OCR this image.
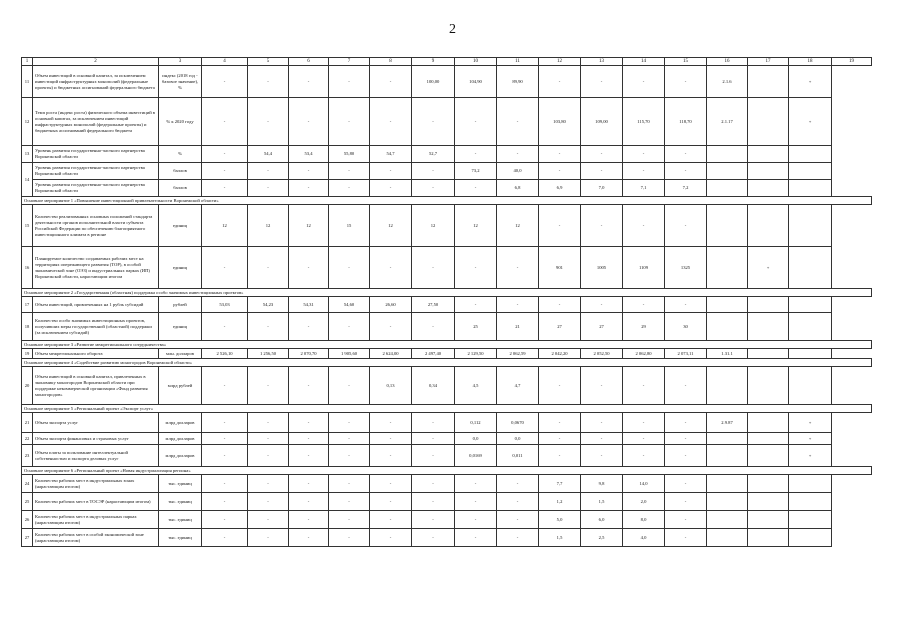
2
1	2	3	4	5	6	7	8	9	10	11	12	13	14	15	16	17	18	19
11	Объем инвестиций в основной капитал, за исключением инвестиций инфраструктурных монополий (федеральные проекты) и бюджетных ассигнований федерального бюджета	индекс (2018 год - базовое значение), %	-	-	-	-	-	100,00	104,90	89,90	-	-	-	-	2.1.6		+	
12	Темп роста (индекс роста) физического объема инвестиций в основной капитал, за исключением инвестиций инфраструктурных монополий (федеральные проекты) и бюджетных ассигнований федерального бюджета	% к 2020 году	-	-	-	-	-	-	-	-	103,80	109,00	115,70	118,70	2.1.17		+	
13	Уровень развития государственно-частного партнерства Воронежской области	%	-	54,4	53,4	55,80	54,7	52,7	-	-	-	-	-	-				
14	Уровень развития государственно-частного партнерства Воронежской области	баллов	-	-	-	-	-	-	73,2	40,0	-	-	-	-				
	Уровень развития государственно-частного партнерства Воронежской области	баллов	-	-	-	-	-	-	-	6,8	6,9	7,0	7,1	7,2				
Основное мероприятие 1 «Повышение инвестиционной привлекательности Воронежской области»																		
15	Количество реализованных основных положений стандарта деятельности органов исполнительной власти субъекта Российской Федерации по обеспечению благоприятного инвестиционного климата в регионе	единиц	12	12	12	15	12	12	12	12	-	-	-	-				
16	Планируемое количество создаваемых рабочих мест на территориях опережающего развития (ТОР), в особой экономической зоне (ОЭЗ) и индустриальных парках (ИП) Воронежской области, нарастающим итогом	единиц	-	-	-	-	-	-	-	-	901	1005	1109	1325		+		
Основное мероприятие 2 «Государственная (областная) поддержка особо значимых инвестиционных проектов»																		
17	Объем инвестиций, привлеченных на 1 рубль субсидий	рублей	53,03	54,23	54,31	54,60	26,60	27,50	-	-	-	-	-	-				
18	Количество особо значимых инвестиционных проектов, получивших меры государственной (областной) поддержки (за исключением субсидий)	единиц	-	-	-	-	-	-	25	21	27	27	29	30				
Основное мероприятие 3 «Развитие межрегионального сотрудничества»																		
19	Объем межрегионального оборота	млн. долларов	2 526,10	1 256,50	2 070,70	1 905,60	2 624,00	2 497,40	2 129,50	2 062,59	2 042,20	2 052,50	2 062,80	2 073,11	1.31.1			
Основное мероприятие 4 «Содействие развитию моногородов Воронежской области»																		
20	Объем инвестиций в основной капитал, привлеченных в экономику моногородов Воронежской области при поддержке некоммерческой организации «Фонд развития моногородов»	млрд рублей	-	-	-	-	0,13	0,34	4,5	4,7	-	-	-	-				
Основное мероприятие 5 «Региональный проект «Экспорт услуг»																		
21	Объем экспорта услуг	млрд долларов	-	-	-	-	-	-	0,112	0,0670	-	-	-	-	2.9.87		+	
22	Объем экспорта финансовых и страховых услуг	млрд долларов	-	-	-	-	-	-	0,0	0,0	-	-	-	-			+	
23	Объем платы за пользование интеллектуальной собственностью и экспорта деловых услуг	млрд долларов	-	-	-	-	-	-	0,0169	0,011	-	-	-	-			+	
Основное мероприятие 6 «Региональный проект «Новая индустриализация региона»																		
24	Количество рабочих мест в индустриальных зонах (нарастающим итогом)	тыс. единиц	-	-	-	-	-	-	-	-	7,7	9,8	14,0	-				
25	Количество рабочих мест в ТОСЭР (нарастающим итогом)	тыс. единиц	-	-	-	-	-	-	-	-	1,2	1,5	2,0	-				
26	Количество рабочих мест в индустриальных парках (нарастающим итогом)	тыс. единиц	-	-	-	-	-	-	-	-	5,0	6,0	8,0	-				
27	Количество рабочих мест в особой экономической зоне (нарастающим итогом)	тыс. единиц	-	-	-	-	-	-	-	-	1,5	2,5	4,0	-				
